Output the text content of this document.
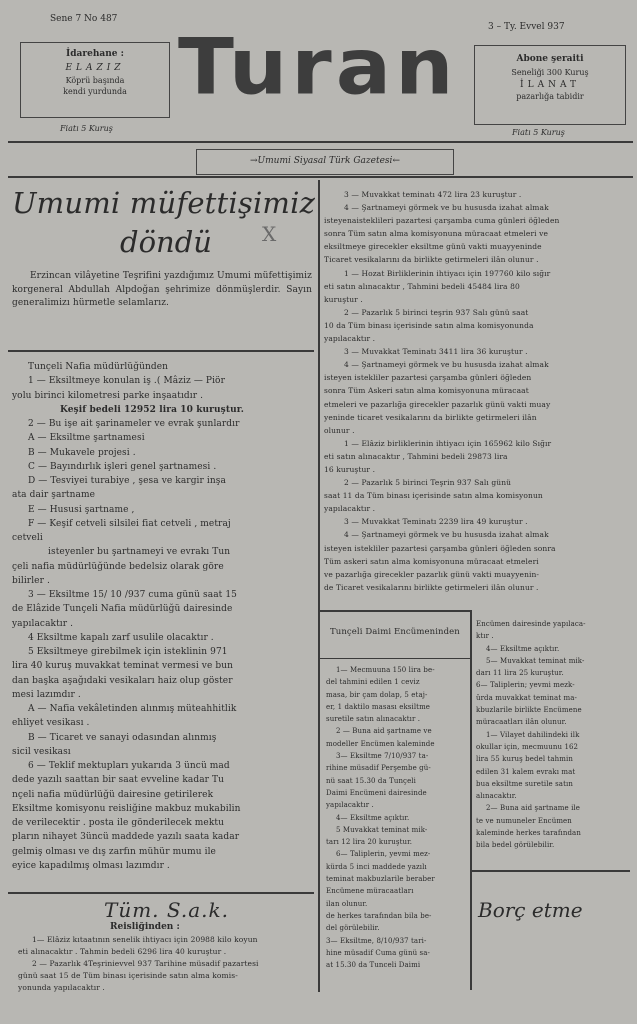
Sene 7 No 487
3 – Ty. Evvel 937
İdarehane :
ELAZIZ
Köprü başında
kendi yurdunda
Fiatı 5 Kuruş
Turan	Abone şeraiti
Seneliği 300 Kuruş
İLANAT
pazarlığa tabidir
Fiatı 5 Kuruş
→Umumi Siyasal Türk Gazetesi←
Umumi müfettişimiz
döndü	X
Erzincan vilâyetine Teşrifini yazdığımız Umumi müfettişimiz korgeneral Abdullah Alpdoğan şehrimize dönmüşlerdir. Sayın generalimizı hürmetle selamlarız.

Tunçeli Nafia müdürlüğünden

1 — Eksiltmeye konulan iş .( Mâziz — Piör

yolu birinci kilometresi parke inşaatıdır .

Keşif bedeli 12952 lira 10 kuruştur.

2 — Bu işe ait şarinameler ve evrak şunlardır

A — Eksiltme şartnamesi

B — Mukavele projesi .

C — Bayındırlık işleri genel şartnamesi .

D — Tesviyei turabiye , şesa ve kargir inşa

ata dair şartname

E — Hususi şartname ,

F — Keşif cetveli silsilei fiat cetveli , metraj

cetveli

isteyenler bu şartnameyi ve evrakı Tun

çeli nafia müdürlüğünde bedelsiz olarak göre

bilirler .

3 — Eksiltme 15/ 10 /937 cuma günü saat 15

de Elâzide Tunçeli Nafia müdürlüğü dairesinde

yapılacaktır .

4 Eksiltme kapalı zarf usulile olacaktır .

5 Eksiltmeye girebilmek için isteklinin 971

lira 40 kuruş muvakkat teminat vermesi ve bun

dan başka aşağıdaki vesikaları haiz olup göster

mesi lazımdır .

A — Nafia vekâletinden alınmış müteahhitlik

ehliyet vesikası .

B — Ticaret ve sanayi odasından alınmış

sicil vesikası

6 — Teklif mektupları yukarıda 3 üncü mad

dede yazılı saattan bir saat evveline kadar Tu

nçeli nafia müdürlüğü dairesine getirilerek

Eksiltme komisyonu reisliğine makbuz mukabilin

de verilecektir . posta ile gönderilecek mektu

pların nihayet 3üncü maddede yazılı saata kadar

gelmiş olması ve dış zarfın mühür mumu ile

eyice kapadılmış olması lazımdır .

Tüm. S.a.k.
Reisliğinden :

1— Elâziz kıtaatının senelik ihtiyacı için 20988 kilo koyun

eti alınacaktır . Tahmin bedeli 6296 lira 40 kuruştur .

2 — Pazarlık 4Teşrinievvel 937 Tarihine müsadif pazartesi

günü saat 15 de Tüm binası içerisinde satın alma komis-

yonunda yapılacaktır .

3 — Muvakkat teminatı 472 lira 23 kuruştur .

4 — Şartnameyi görmek ve bu hususda izahat almak

isteyenaisteklileri pazartesi çarşamba cuma günleri öğleden

sonra Tüm satın alma komisyonuna müracaat etmeleri ve

eksiltmeye girecekler eksiltme günü vakti muayyeninde

Ticaret vesikalarını da birlikte getirmeleri ilân olunur .

1 — Hozat Birliklerinin ihtiyacı için 197760 kilo sığır

eti satın alınacaktır , Tahmini bedeli 45484 lira 80

kuruştur .

2 — Pazarlık 5 birinci teşrin 937 Salı günü saat

10 da Tüm binası içerisinde satın alma komisyonunda

yapılacaktır .

3 — Muvakkat Teminatı 3411 lira 36 kuruştur .

4 — Şartnameyi görmek ve bu hususda izahat almak

isteyen istekliler pazartesi çarşamba günleri öğleden

sonra Tüm Askeri satın alma komisyonuna müracaat

etmeleri ve pazarlığa girecekler pazarlık günü vakti muay

yeninde ticaret vesikalarını da birlikte getirmeleri ilân

olunur .

1 — Elâziz birliklerinin ihtiyacı için 165962 kilo Sığır

eti satın alınacaktır , Tahmini bedeli 29873 lira

16 kuruştur .

2 — Pazarlık 5 birinci Teşrin 937 Salı günü

saat 11 da Tüm binası içerisinde satın alma komisyonun

yapılacaktır .

3 — Muvakkat Teminatı 2239 lira 49 kuruştur .

4 — Şartnameyi görmek ve bu hususda izahat almak

isteyen istekliler pazartesi çarşamba günleri öğleden sonra

Tüm askeri satın alma komisyonuna müracaat etmeleri

ve pazarlığa girecekler pazarlık günü vakti muayyenin-

de Ticaret vesikalarını birlikte getirmeleri ilân olunur .

Tunçeli Daimi Encümeninden

1— Mecmuuna 150 lira be-

del tahmini edilen 1 ceviz

masa, bir çam dolap, 5 etaj-

er, 1 daktilo masası eksiltme

suretile satın alınacaktır .

2 — Buna aid şartname ve

modeller Encümen kaleminde

3— Eksiltme 7/10/937 ta-

rihine müsadif Perşembe gü-

nü saat 15.30 da Tunçeli

Daimi Encümeni dairesinde

yapılacaktır .

4— Eksiltme açıktır.

5 Muvakkat teminat mik-

tarı 12 lira 20 kuruştur.

6— Taliplerin, yevmi mez-

kürda 5 inci maddede yazılı

teminat makbuzlarile beraber

Encümene müracaatları

ilan olunur.

de herkes tarafından bila be-

del görülebilir.

3— Eksiltme, 8/10/937 tari-

hine müsadif Cuma günü sa-

at 15.30 da Tunceli Daimi

Encümen dairesinde yapılaca-

ktır .

4— Eksiltme açıktır.

5— Muvakkat teminat mik-

darı 11 lira 25 kuruştur.

6— Taliplerin; yevmi mezk-

ûrda muvakkat teminat ma-

kbuzlarile birlikte Encümene

müracaatları ilân olunur.

1— Vilayet dahilindeki ilk

okullar için, mecmuunu 162

lira 55 kuruş bedel tahmin

edilen 31 kalem evrakı mat

bua eksiltme suretile satın

alınacaktır.

2— Buna aid şartname ile

te ve numuneler Encümen

kaleminde herkes tarafından

bila bedel görülebilir.

Borç etme
